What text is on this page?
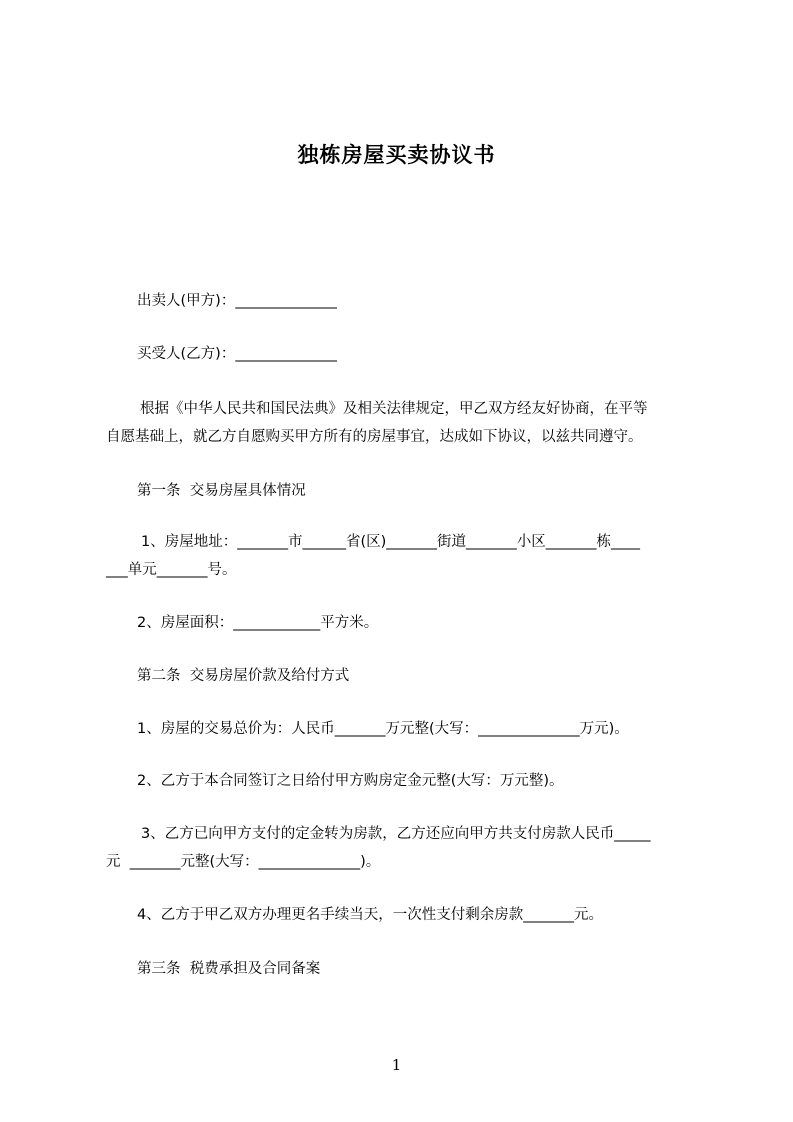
独栋房屋买卖协议书

出卖人(甲方)：______________

买受人(乙方)：______________

根据《中华人民共和国民法典》及相关法律规定，甲乙双方经友好协商，在平等

自愿基础上，就乙方自愿购买甲方所有的房屋事宜，达成如下协议，以兹共同遵守。

第一条  交易房屋具体情况

1、房屋地址：_______市______省(区)_______街道_______小区_______栋____

___单元_______号。

2、房屋面积：____________平方米。

第二条  交易房屋价款及给付方式

1、房屋的交易总价为：人民币_______万元整(大写：______________万元)。

2、乙方于本合同签订之日给付甲方购房定金元整(大写：万元整)。

3、乙方已向甲方支付的定金转为房款，乙方还应向甲方共支付房款人民币_____

元  _______元整(大写：______________)。

4、乙方于甲乙双方办理更名手续当天，一次性支付剩余房款_______元。

第三条  税费承担及合同备案

1
